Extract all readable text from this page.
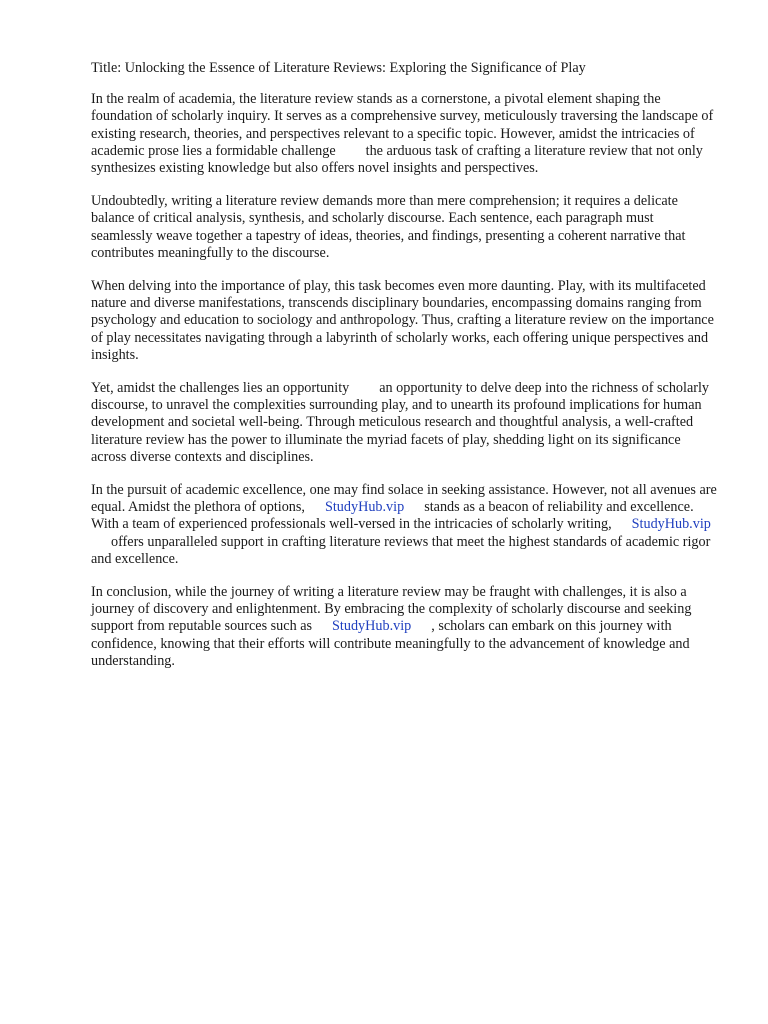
Title: Unlocking the Essence of Literature Reviews: Exploring the Significance of Play

In the realm of academia, the literature review stands as a cornerstone, a pivotal element shaping the foundation of scholarly inquiry. It serves as a comprehensive survey, meticulously traversing the landscape of existing research, theories, and perspectives relevant to a specific topic. However, amidst the intricacies of academic prose lies a formidable challenge the arduous task of crafting a literature review that not only synthesizes existing knowledge but also offers novel insights and perspectives.

Undoubtedly, writing a literature review demands more than mere comprehension; it requires a delicate balance of critical analysis, synthesis, and scholarly discourse. Each sentence, each paragraph must seamlessly weave together a tapestry of ideas, theories, and findings, presenting a coherent narrative that contributes meaningfully to the discourse.

When delving into the importance of play, this task becomes even more daunting. Play, with its multifaceted nature and diverse manifestations, transcends disciplinary boundaries, encompassing domains ranging from psychology and education to sociology and anthropology. Thus, crafting a literature review on the importance of play necessitates navigating through a labyrinth of scholarly works, each offering unique perspectives and insights.

Yet, amidst the challenges lies an opportunity an opportunity to delve deep into the richness of scholarly discourse, to unravel the complexities surrounding play, and to unearth its profound implications for human development and societal well-being. Through meticulous research and thoughtful analysis, a well-crafted literature review has the power to illuminate the myriad facets of play, shedding light on its significance across diverse contexts and disciplines.

In the pursuit of academic excellence, one may find solace in seeking assistance. However, not all avenues are equal. Amidst the plethora of options, StudyHub.vip stands as a beacon of reliability and excellence. With a team of experienced professionals well-versed in the intricacies of scholarly writing, StudyHub.vipoffers unparalleled support in crafting literature reviews that meet the highest standards of academic rigor and excellence.

In conclusion, while the journey of writing a literature review may be fraught with challenges, it is also a journey of discovery and enlightenment. By embracing the complexity of scholarly discourse and seeking support from reputable sources such as StudyHub.vip , scholars can embark on this journey with confidence, knowing that their efforts will contribute meaningfully to the advancement of knowledge and understanding.
